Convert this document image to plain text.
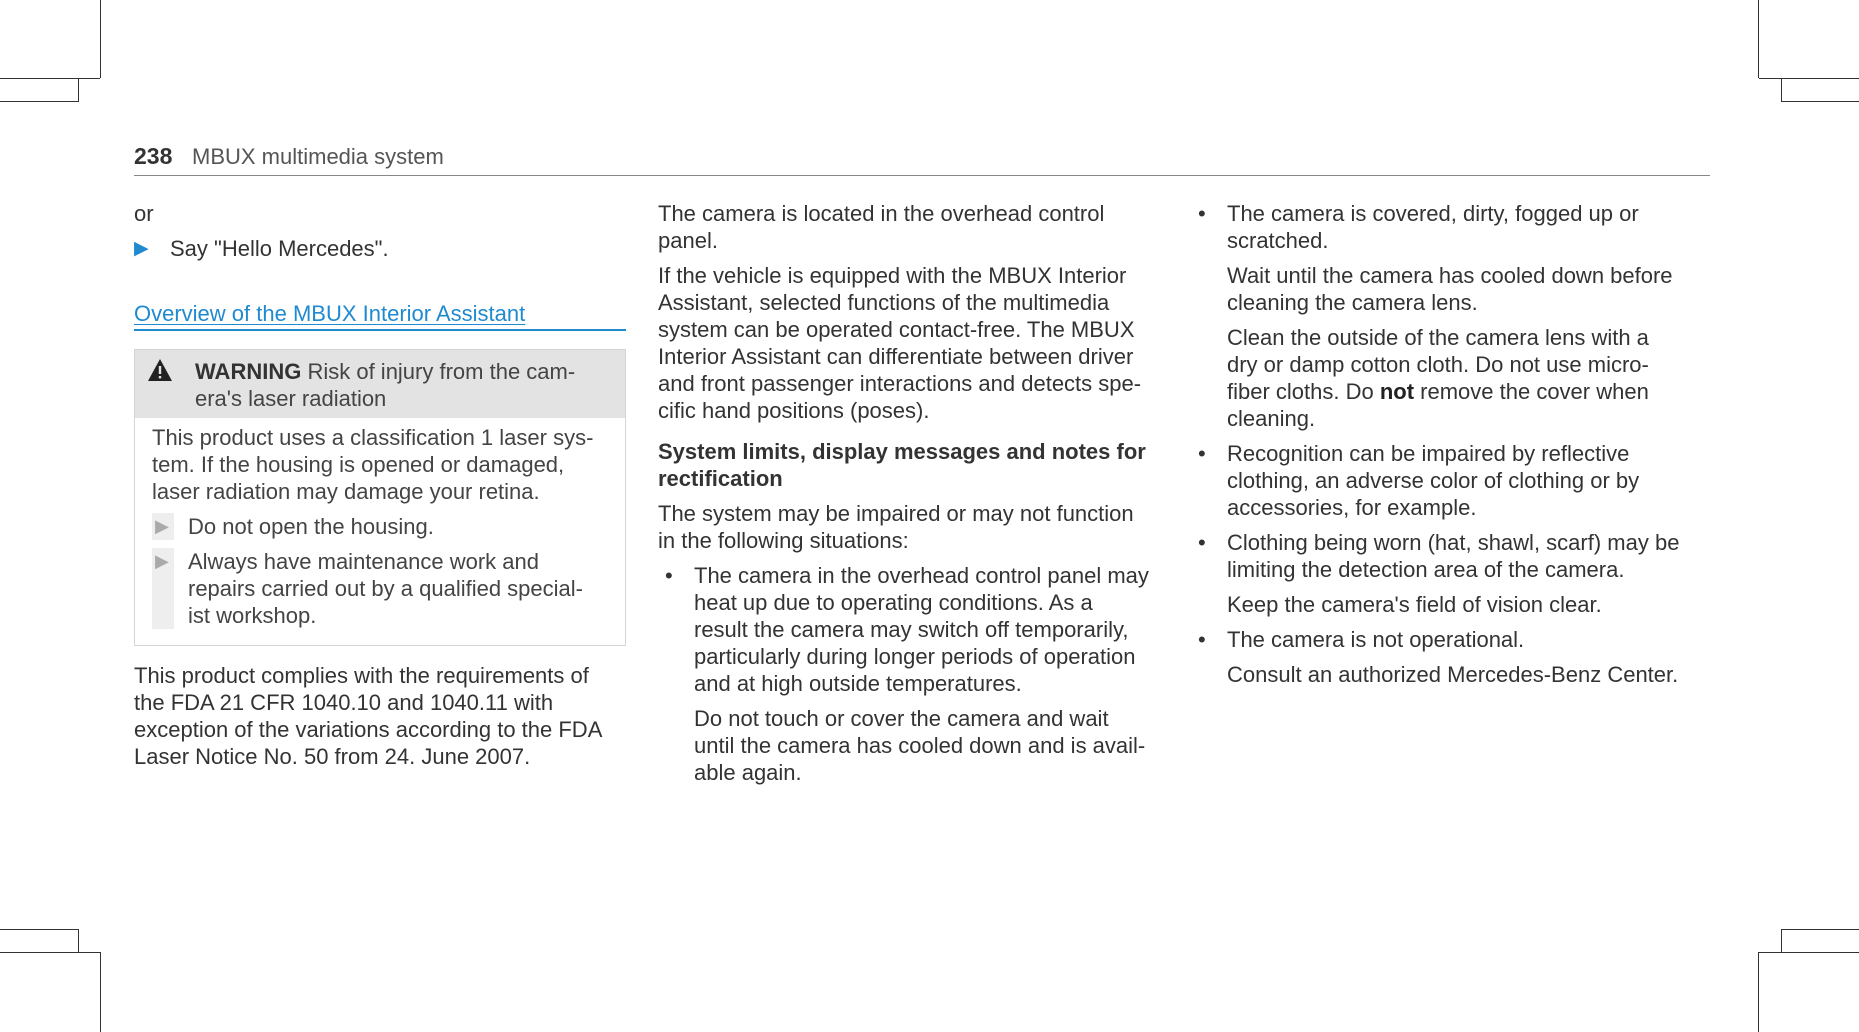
238 MBUX multimedia system

or

▶ Say "Hello Mercedes".
Overview of the MBUX Interior Assistant
WARNING Risk of injury from the cam-
era's laser radiation
This product uses a classification 1 laser sys-
tem. If the housing is opened or damaged,
laser radiation may damage your retina.
▶ Do not open the housing.
▶ Always have maintenance work and
repairs carried out by a qualified special-
ist workshop.
This product complies with the requirements of
the FDA 21 CFR 1040.10 and 1040.11 with
exception of the variations according to the FDA
Laser Notice No. 50 from 24. June 2007.
The camera is located in the overhead control
panel.
If the vehicle is equipped with the MBUX Interior
Assistant, selected functions of the multimedia
system can be operated contact-free. The MBUX
Interior Assistant can differentiate between driver
and front passenger interactions and detects spe-
cific hand positions (poses).
System limits, display messages and notes for
rectification
The system may be impaired or may not function
in the following situations:
• The camera in the overhead control panel may
heat up due to operating conditions. As a
result the camera may switch off temporarily,
particularly during longer periods of operation
and at high outside temperatures.
Do not touch or cover the camera and wait
until the camera has cooled down and is avail-
able again.
• The camera is covered, dirty, fogged up or
scratched.
Wait until the camera has cooled down before
cleaning the camera lens.
Clean the outside of the camera lens with a
dry or damp cotton cloth. Do not use micro-
fiber cloths. Do not remove the cover when
cleaning.
• Recognition can be impaired by reflective
clothing, an adverse color of clothing or by
accessories, for example.
• Clothing being worn (hat, shawl, scarf) may be
limiting the detection area of the camera.
Keep the camera's field of vision clear.
• The camera is not operational.
Consult an authorized Mercedes-Benz Center.
